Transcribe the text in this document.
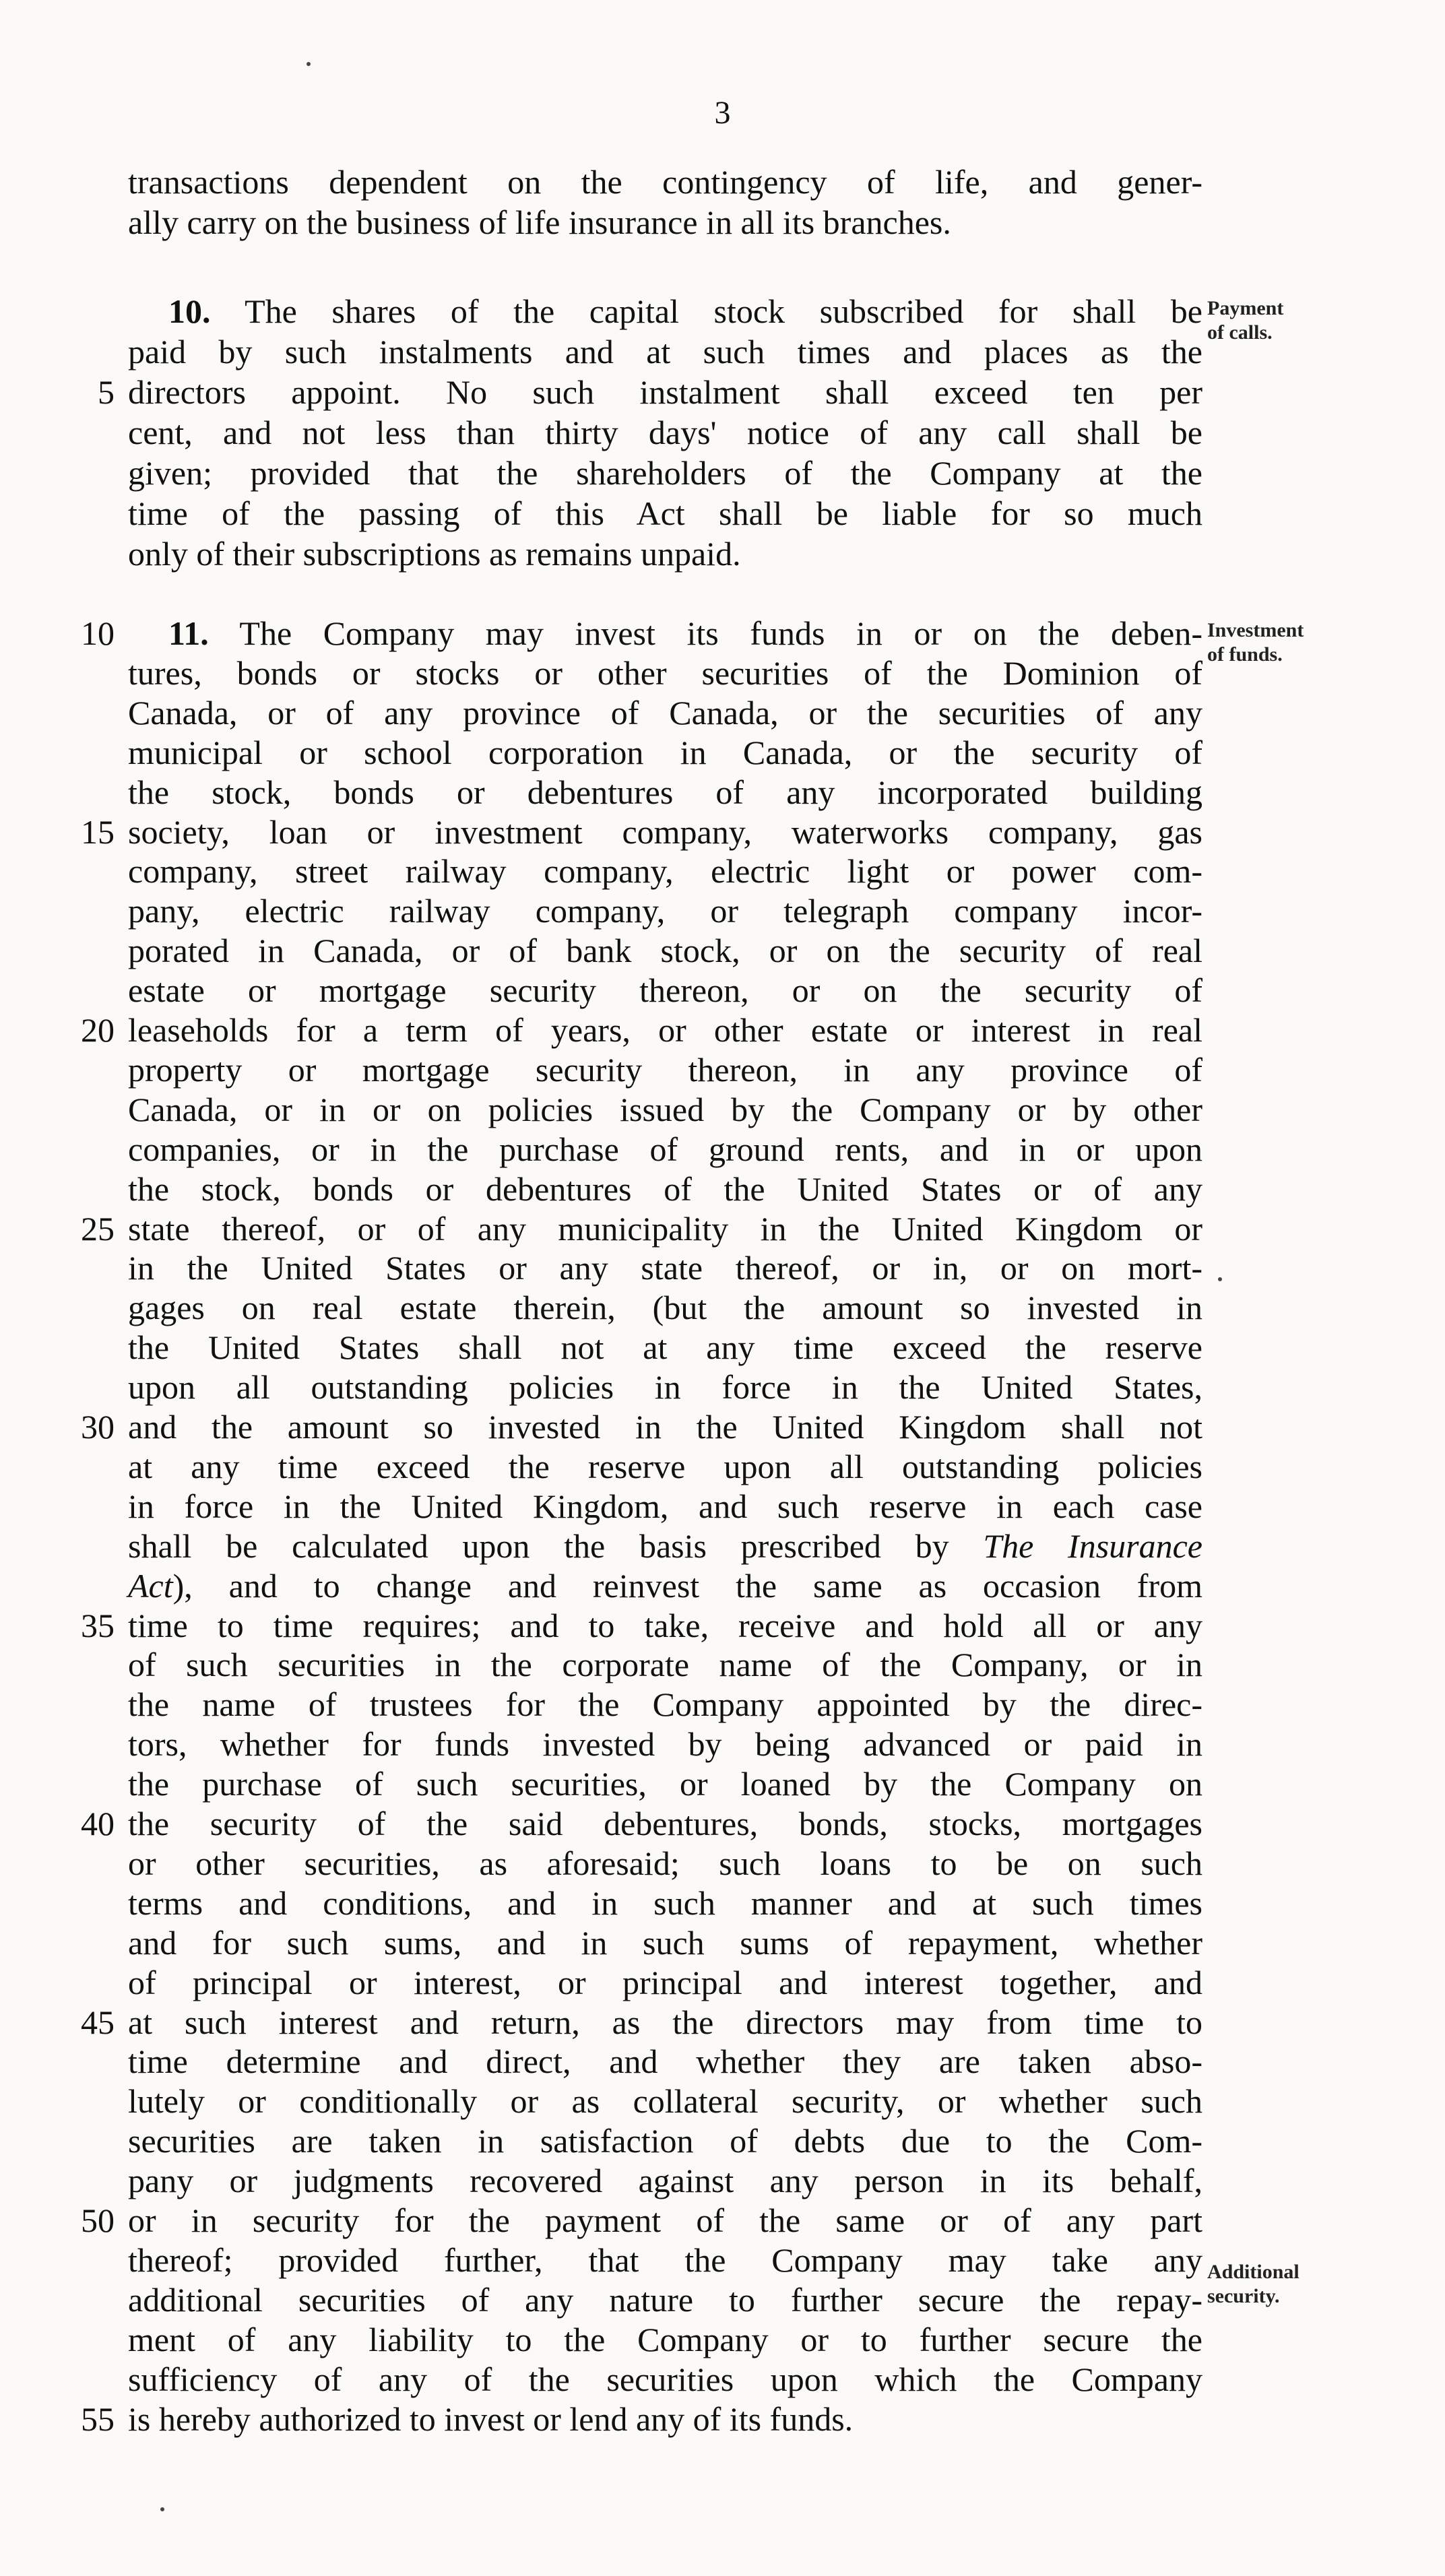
3
transactions dependent on the contingency of life, and gener-
ally carry on the business of life insurance in all its branches.
10. The shares of the capital stock subscribed for shall be
paid by such instalments and at such times and places as the
directors appoint. No such instalment shall exceed ten per
5
cent, and not less than thirty days' notice of any call shall be
given; provided that the shareholders of the Company at the
time of the passing of this Act shall be liable for so much
only of their subscriptions as remains unpaid.
11. The Company may invest its funds in or on the deben-
10
tures, bonds or stocks or other securities of the Dominion of
Canada, or of any province of Canada, or the securities of any
municipal or school corporation in Canada, or the security of
the stock, bonds or debentures of any incorporated building
society, loan or investment company, waterworks company, gas
15
company, street railway company, electric light or power com-
pany, electric railway company, or telegraph company incor-
porated in Canada, or of bank stock, or on the security of real
estate or mortgage security thereon, or on the security of
leaseholds for a term of years, or other estate or interest in real
20
property or mortgage security thereon, in any province of
Canada, or in or on policies issued by the Company or by other
companies, or in the purchase of ground rents, and in or upon
the stock, bonds or debentures of the United States or of any
state thereof, or of any municipality in the United Kingdom or
25
in the United States or any state thereof, or in, or on mort-
gages on real estate therein, (but the amount so invested in
the United States shall not at any time exceed the reserve
upon all outstanding policies in force in the United States,
and the amount so invested in the United Kingdom shall not
30
at any time exceed the reserve upon all outstanding policies
in force in the United Kingdom, and such reserve in each case
shall be calculated upon the basis prescribed by The Insurance
Act), and to change and reinvest the same as occasion from
time to time requires; and to take, receive and hold all or any
35
of such securities in the corporate name of the Company, or in
the name of trustees for the Company appointed by the direc-
tors, whether for funds invested by being advanced or paid in
the purchase of such securities, or loaned by the Company on
the security of the said debentures, bonds, stocks, mortgages
40
or other securities, as aforesaid; such loans to be on such
terms and conditions, and in such manner and at such times
and for such sums, and in such sums of repayment, whether
of principal or interest, or principal and interest together, and
at such interest and return, as the directors may from time to
45
time determine and direct, and whether they are taken abso-
lutely or conditionally or as collateral security, or whether such
securities are taken in satisfaction of debts due to the Com-
pany or judgments recovered against any person in its behalf,
or in security for the payment of the same or of any part
50
thereof; provided further, that the Company may take any
additional securities of any nature to further secure the repay-
ment of any liability to the Company or to further secure the
sufficiency of any of the securities upon which the Company
is hereby authorized to invest or lend any of its funds.
55
Payment
of calls.
Investment
of funds.
Additional
security.
